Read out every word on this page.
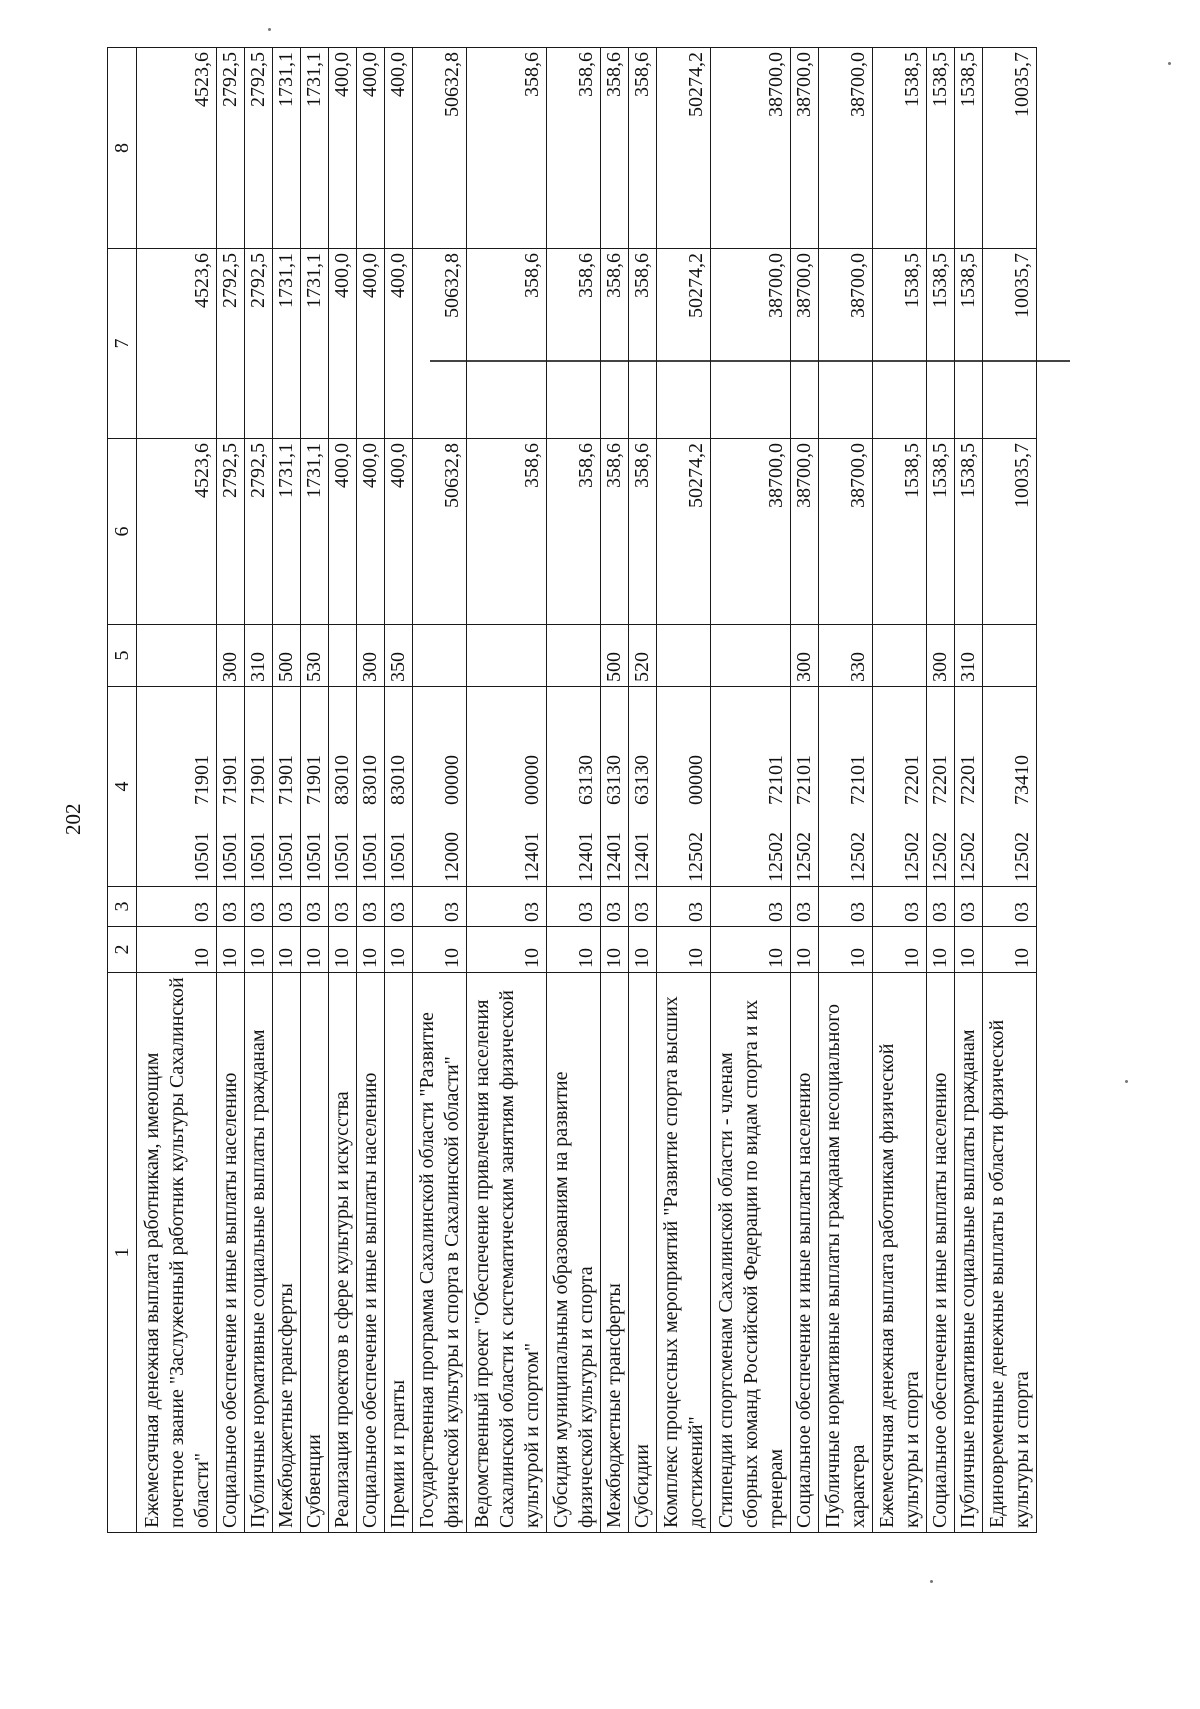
202
1	2	3	4	5	6	7	8
Ежемесячная денежная выплата работникам, имеющим почетное звание "Заслуженный работник культуры Сахалинской области"	10	03	10501 71901		4523,6	4523,6	4523,6
Социальное обеспечение и иные выплаты населению	10	03	10501 71901	300	2792,5	2792,5	2792,5
Публичные нормативные социальные выплаты гражданам	10	03	10501 71901	310	2792,5	2792,5	2792,5
Межбюджетные трансферты	10	03	10501 71901	500	1731,1	1731,1	1731,1
Субвенции	10	03	10501 71901	530	1731,1	1731,1	1731,1
Реализация проектов в сфере культуры и искусства	10	03	10501 83010		400,0	400,0	400,0
Социальное обеспечение и иные выплаты населению	10	03	10501 83010	300	400,0	400,0	400,0
Премии и гранты	10	03	10501 83010	350	400,0	400,0	400,0
Государственная программа Сахалинской области "Развитие физической культуры и спорта в Сахалинской области"	10	03	12000 00000		50632,8	50632,8	50632,8
Ведомственный проект "Обеспечение привлечения населения Сахалинской области к систематическим занятиям физической культурой и спортом"	10	03	12401 00000		358,6	358,6	358,6
Субсидия муниципальным образованиям на развитие физической культуры и спорта	10	03	12401 63130		358,6	358,6	358,6
Межбюджетные трансферты	10	03	12401 63130	500	358,6	358,6	358,6
Субсидии	10	03	12401 63130	520	358,6	358,6	358,6
Комплекс процессных мероприятий "Развитие спорта высших достижений"	10	03	12502 00000		50274,2	50274,2	50274,2
Стипендии спортсменам Сахалинской области - членам сборных команд Российской Федерации по видам спорта и их тренерам	10	03	12502 72101		38700,0	38700,0	38700,0
Социальное обеспечение и иные выплаты населению	10	03	12502 72101	300	38700,0	38700,0	38700,0
Публичные нормативные выплаты гражданам несоциального характера	10	03	12502 72101	330	38700,0	38700,0	38700,0
Ежемесячная денежная выплата работникам физической культуры и спорта	10	03	12502 72201		1538,5	1538,5	1538,5
Социальное обеспечение и иные выплаты населению	10	03	12502 72201	300	1538,5	1538,5	1538,5
Публичные нормативные социальные выплаты гражданам	10	03	12502 72201	310	1538,5	1538,5	1538,5
Единовременные денежные выплаты в области физической культуры и спорта	10	03	12502 73410		10035,7	10035,7	10035,7
